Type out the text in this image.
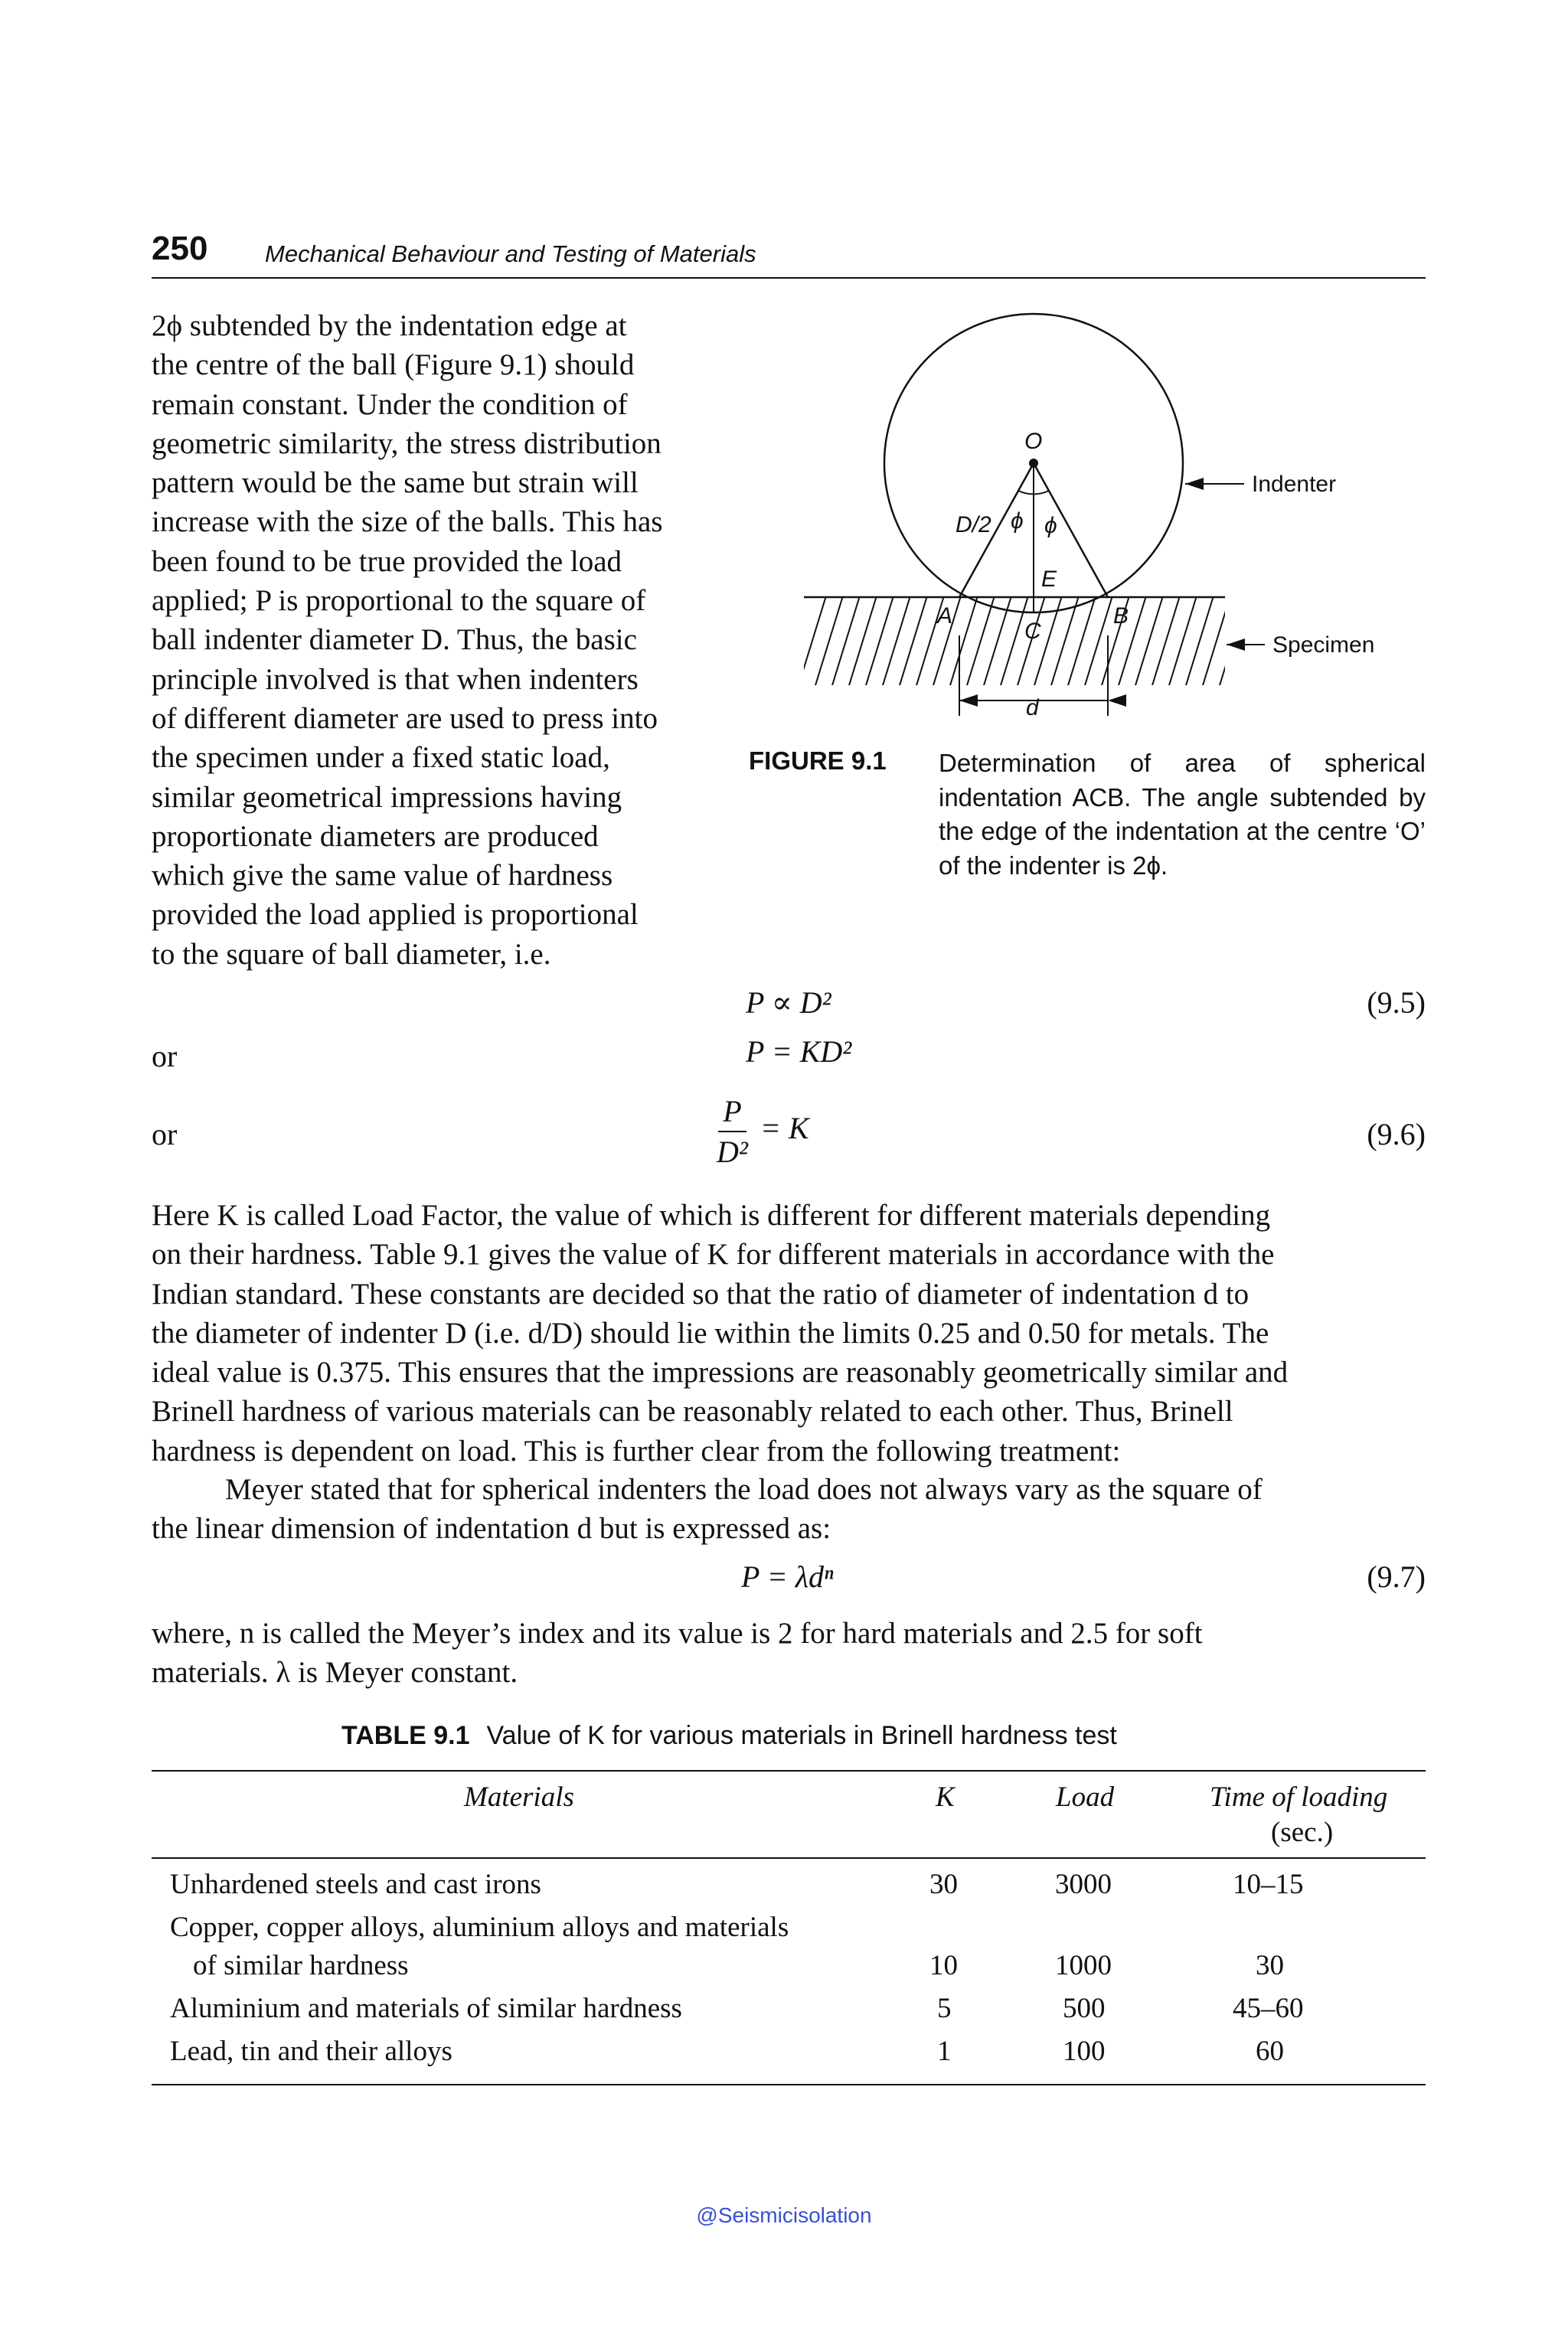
250 Mechanical Behaviour and Testing of Materials
2ϕ subtended by the indentation edge at
the centre of the ball (Figure 9.1) should
remain constant. Under the condition of
geometric similarity, the stress distribution
pattern would be the same but strain will
increase with the size of the balls. This has
been found to be true provided the load
applied; P is proportional to the square of
ball indenter diameter D. Thus, the basic
principle involved is that when indenters
of different diameter are used to press into
the specimen under a fixed static load,
similar geometrical impressions having
proportionate diameters are produced
which give the same value of hardness
provided the load applied is proportional
to the square of ball diameter, i.e.
O
D/2 ϕ ϕ
E
A	B
C
d
Indenter
Specimen
FIGURE 9.1 Determination of area of spherical indentation ACB. The angle subtended by the edge of the indentation at the centre ‘O’ of the indenter is 2ϕ.
P ∝ D²	(9.5)
or	P = KD²
or	$\frac{P}{\text{D²}} = K$	(9.6)
Here K is called Load Factor, the value of which is different for different materials depending
on their hardness. Table 9.1 gives the value of K for different materials in accordance with the
Indian standard. These constants are decided so that the ratio of diameter of indentation d to
the diameter of indenter D (i.e. d/D) should lie within the limits 0.25 and 0.50 for metals. The
ideal value is 0.375. This ensures that the impressions are reasonably geometrically similar and
Brinell hardness of various materials can be reasonably related to each other. Thus, Brinell
hardness is dependent on load. This is further clear from the following treatment:
Meyer stated that for spherical indenters the load does not always vary as the square of
the linear dimension of indentation d but is expressed as:
P = λdⁿ	(9.7)
where, n is called the Meyer’s index and its value is 2 for hard materials and 2.5 for soft
materials. λ is Meyer constant.
TABLE 9.1 Value of K for various materials in Brinell hardness test
Materials	K	Load	Time of loading
(sec.)
Unhardened steels and cast irons	30	3000	10–15
Copper, copper alloys, aluminium alloys and materials
of similar hardness	10	1000	30
Aluminium and materials of similar hardness	5	500	45–60
Lead, tin and their alloys	1	100	60
@Seismicisolation
